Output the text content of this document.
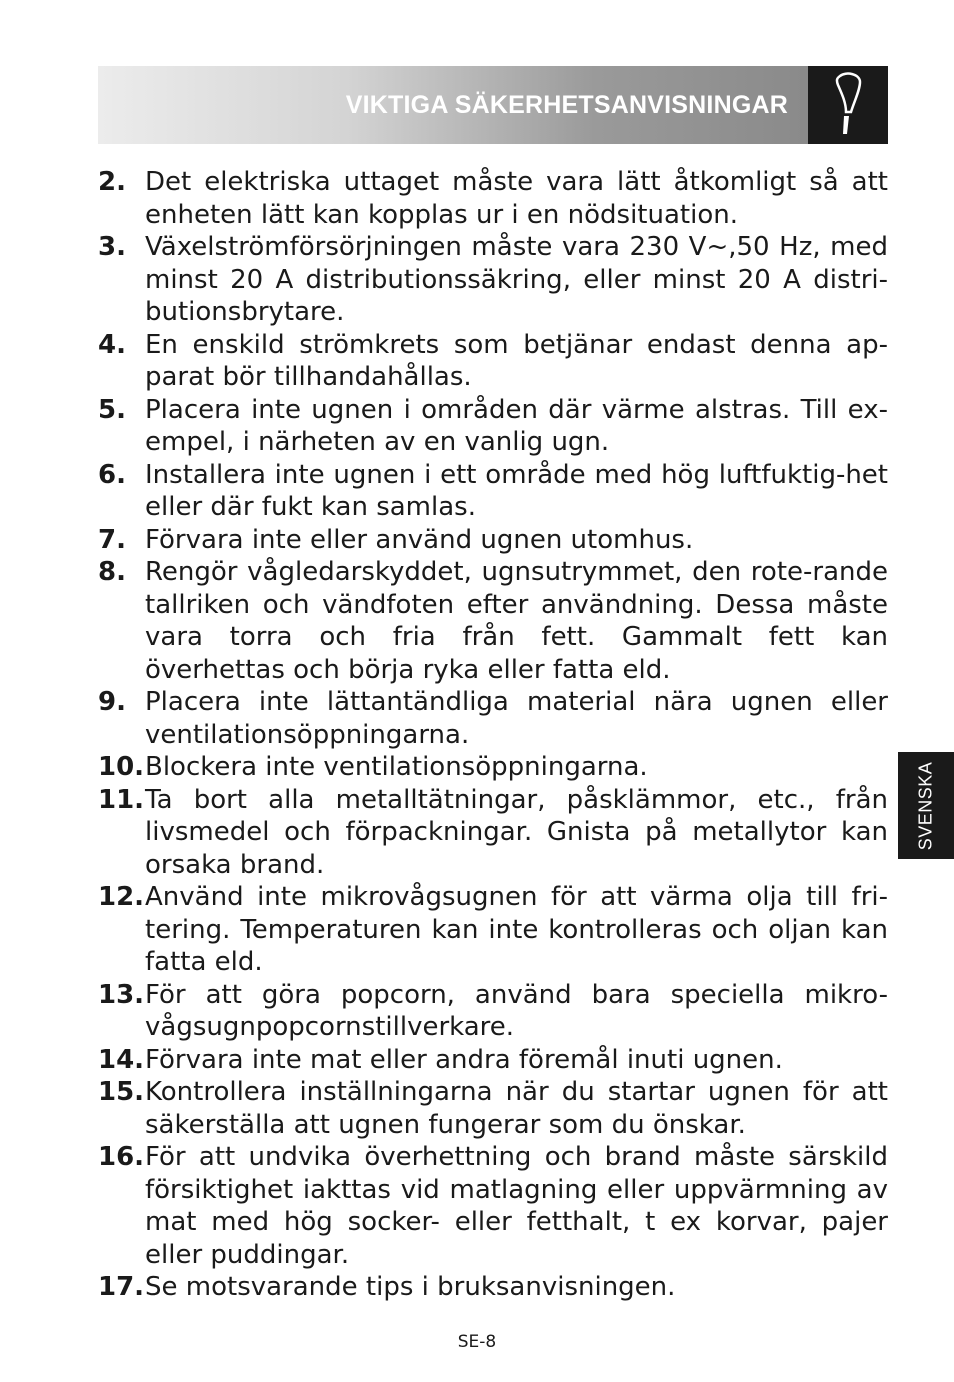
VIKTIGA SÄKERHETSANVISNINGAR
2. Det elektriska uttaget måste vara lätt åtkomligt så att enheten lätt kan kopplas ur i en nödsituation.
3. Växelströmförsörjningen måste vara 230 V~,50 Hz, med minst 20 A distributionssäkring, eller minst 20 A distri-butionsbrytare.
4. En enskild strömkrets som betjänar endast denna ap-parat bör tillhandahållas.
5. Placera inte ugnen i områden där värme alstras. Till ex-empel, i närheten av en vanlig ugn.
6. Installera inte ugnen i ett område med hög luftfuktig-het eller där fukt kan samlas.
7. Förvara inte eller använd ugnen utomhus.
8. Rengör vågledarskyddet, ugnsutrymmet, den rote-rande tallriken och vändfoten efter användning. Dessa måste vara torra och fria från fett. Gammalt fett kan överhettas och börja ryka eller fatta eld.
9. Placera inte lättantändliga material nära ugnen eller ventilationsöppningarna.
10. Blockera inte ventilationsöppningarna.
11. Ta bort alla metalltätningar, påsklämmor, etc., från livsmedel och förpackningar. Gnista på metallytor kan orsaka brand.
12. Använd inte mikrovågsugnen för att värma olja till fri-tering. Temperaturen kan inte kontrolleras och oljan kan fatta eld.
13. För att göra popcorn, använd bara speciella mikro-vågsugnpopcornstillverkare.
14. Förvara inte mat eller andra föremål inuti ugnen.
15. Kontrollera inställningarna när du startar ugnen för att säkerställa att ugnen fungerar som du önskar.
16. För att undvika överhettning och brand måste särskild försiktighet iakttas vid matlagning eller uppvärmning av mat med hög socker- eller fetthalt, t ex korvar, pajer eller puddingar.
17. Se motsvarande tips i bruksanvisningen.
SVENSKA
SE-8
